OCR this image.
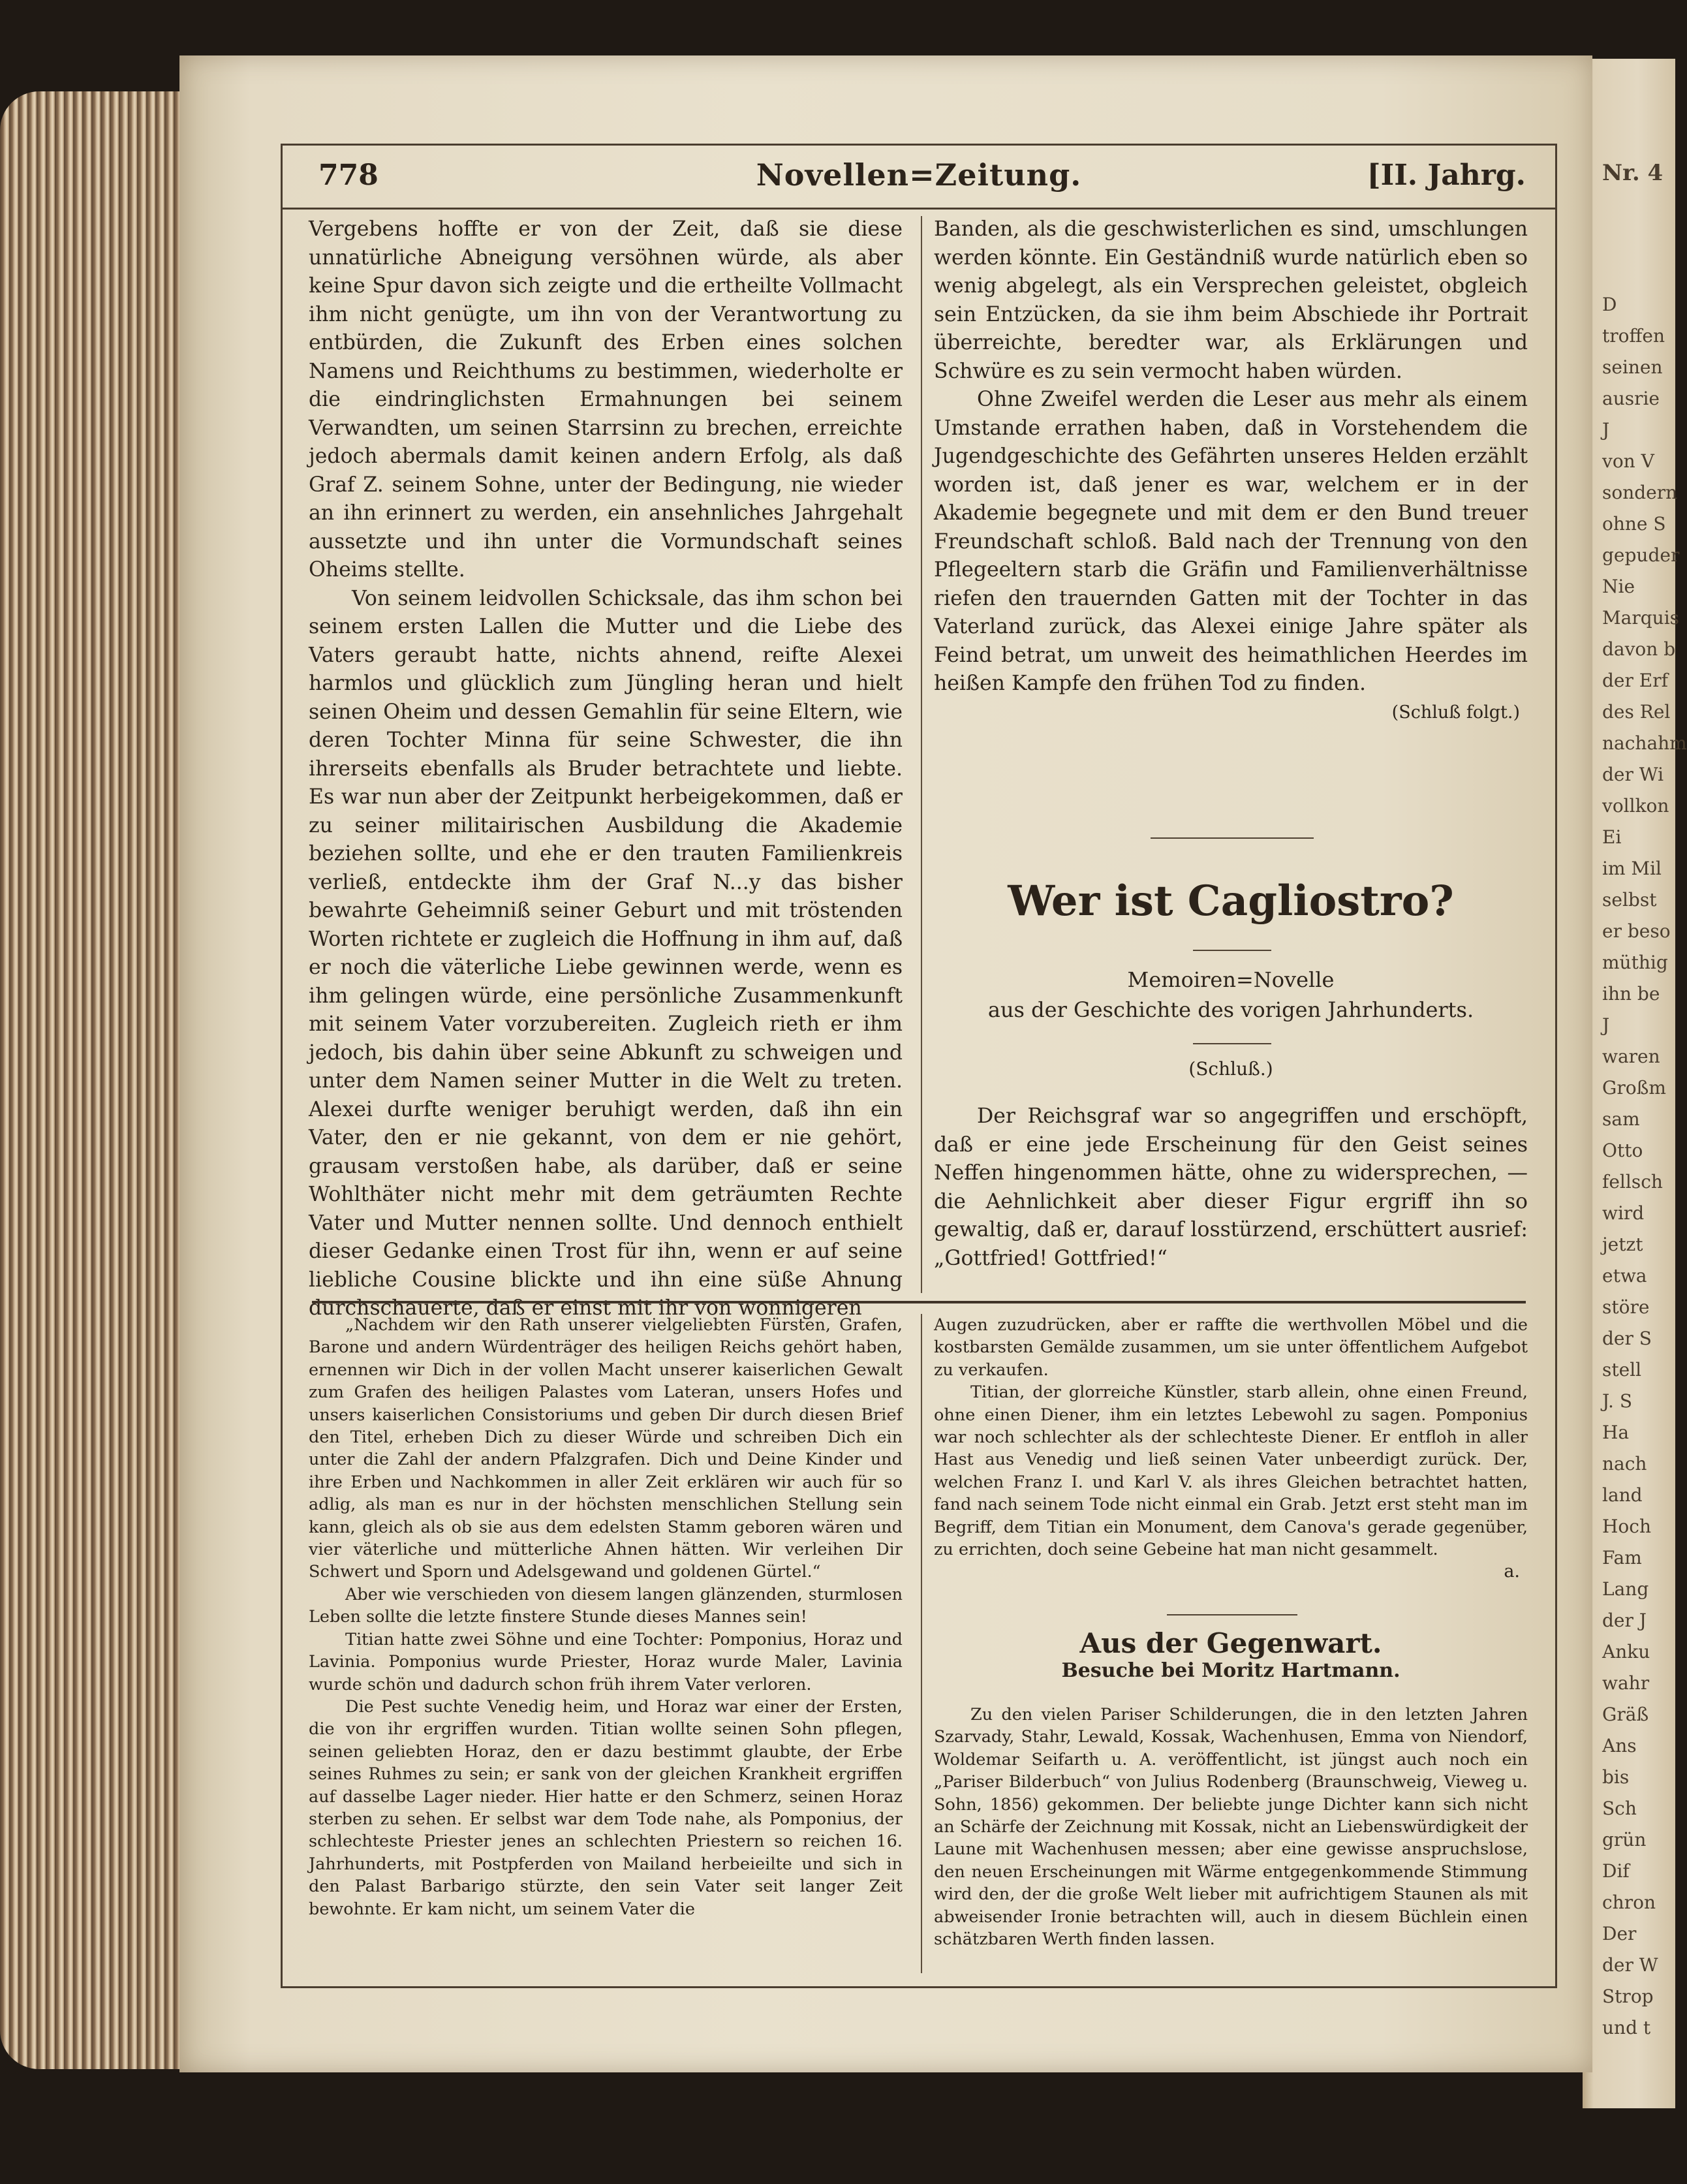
Nr. 4
D
troffen
seinen
ausrie
J
von V
sondern
ohne S
gepuder
Nie
Marquis
davon b
der Erf
des Rel
nachahm
der Wi
vollkon
Ei
im Mil
selbst
er beso
müthig
ihn be
J
waren
Großm
sam
Otto
fellsch
wird
jetzt
etwa
störe
der S
stell
J. S
Ha
nach
land
Hoch
Fam
Lang
der J
Anku
wahr
Gräß
Ans
bis
Sch
grün
Dif
chron
Der
der W
Strop
und t
778	Novellen=Zeitung.	[II. Jahrg.

Vergebens hoffte er von der Zeit, daß sie diese unnatürliche Abneigung versöhnen würde, als aber keine Spur davon sich zeigte und die ertheilte Vollmacht ihm nicht genügte, um ihn von der Verantwortung zu entbürden, die Zukunft des Erben eines solchen Namens und Reichthums zu bestimmen, wiederholte er die eindringlichsten Ermahnungen bei seinem Verwandten, um seinen Starrsinn zu brechen, erreichte jedoch abermals damit keinen andern Erfolg, als daß Graf Z. seinem Sohne, unter der Bedingung, nie wieder an ihn erinnert zu werden, ein ansehnliches Jahrgehalt aussetzte und ihn unter die Vormundschaft seines Oheims stellte.

Von seinem leidvollen Schicksale, das ihm schon bei seinem ersten Lallen die Mutter und die Liebe des Vaters geraubt hatte, nichts ahnend, reifte Alexei harmlos und glücklich zum Jüngling heran und hielt seinen Oheim und dessen Gemahlin für seine Eltern, wie deren Tochter Minna für seine Schwester, die ihn ihrerseits ebenfalls als Bruder betrachtete und liebte. Es war nun aber der Zeitpunkt herbeigekommen, daß er zu seiner militairischen Ausbildung die Akademie beziehen sollte, und ehe er den trauten Familienkreis verließ, entdeckte ihm der Graf N...y das bisher bewahrte Geheimniß seiner Geburt und mit tröstenden Worten richtete er zugleich die Hoffnung in ihm auf, daß er noch die väterliche Liebe gewinnen werde, wenn es ihm gelingen würde, eine persönliche Zusammenkunft mit seinem Vater vorzubereiten. Zugleich rieth er ihm jedoch, bis dahin über seine Abkunft zu schweigen und unter dem Namen seiner Mutter in die Welt zu treten. Alexei durfte weniger beruhigt werden, daß ihn ein Vater, den er nie gekannt, von dem er nie gehört, grausam verstoßen habe, als darüber, daß er seine Wohlthäter nicht mehr mit dem geträumten Rechte Vater und Mutter nennen sollte. Und dennoch enthielt dieser Gedanke einen Trost für ihn, wenn er auf seine liebliche Cousine blickte und ihn eine süße Ahnung durchschauerte, daß er einst mit ihr von wonnigeren

Banden, als die geschwisterlichen es sind, umschlungen werden könnte. Ein Geständniß wurde natürlich eben so wenig abgelegt, als ein Versprechen geleistet, obgleich sein Entzücken, da sie ihm beim Abschiede ihr Portrait überreichte, beredter war, als Erklärungen und Schwüre es zu sein vermocht haben würden.

Ohne Zweifel werden die Leser aus mehr als einem Umstande errathen haben, daß in Vorstehendem die Jugendgeschichte des Gefährten unseres Helden erzählt worden ist, daß jener es war, welchem er in der Akademie begegnete und mit dem er den Bund treuer Freundschaft schloß. Bald nach der Trennung von den Pflegeeltern starb die Gräfin und Familienverhältnisse riefen den trauernden Gatten mit der Tochter in das Vaterland zurück, das Alexei einige Jahre später als Feind betrat, um unweit des heimathlichen Heerdes im heißen Kampfe den frühen Tod zu finden.

(Schluß folgt.)
Wer ist Cagliostro?
Memoiren=Novelle
aus der Geschichte des vorigen Jahrhunderts.
(Schluß.)

Der Reichsgraf war so angegriffen und erschöpft, daß er eine jede Erscheinung für den Geist seines Neffen hingenommen hätte, ohne zu widersprechen, — die Aehnlichkeit aber dieser Figur ergriff ihn so gewaltig, daß er, darauf losstürzend, erschüttert ausrief: „Gottfried! Gottfried!“

„Nachdem wir den Rath unserer vielgeliebten Fürsten, Grafen, Barone und andern Würdenträger des heiligen Reichs gehört haben, ernennen wir Dich in der vollen Macht unserer kaiserlichen Gewalt zum Grafen des heiligen Palastes vom Lateran, unsers Hofes und unsers kaiserlichen Consistoriums und geben Dir durch diesen Brief den Titel, erheben Dich zu dieser Würde und schreiben Dich ein unter die Zahl der andern Pfalzgrafen. Dich und Deine Kinder und ihre Erben und Nachkommen in aller Zeit erklären wir auch für so adlig, als man es nur in der höchsten menschlichen Stellung sein kann, gleich als ob sie aus dem edelsten Stamm geboren wären und vier väterliche und mütterliche Ahnen hätten. Wir verleihen Dir Schwert und Sporn und Adelsgewand und goldenen Gürtel.“

Aber wie verschieden von diesem langen glänzenden, sturmlosen Leben sollte die letzte finstere Stunde dieses Mannes sein!

Titian hatte zwei Söhne und eine Tochter: Pomponius, Horaz und Lavinia. Pomponius wurde Priester, Horaz wurde Maler, Lavinia wurde schön und dadurch schon früh ihrem Vater verloren.

Die Pest suchte Venedig heim, und Horaz war einer der Ersten, die von ihr ergriffen wurden. Titian wollte seinen Sohn pflegen, seinen geliebten Horaz, den er dazu bestimmt glaubte, der Erbe seines Ruhmes zu sein; er sank von der gleichen Krankheit ergriffen auf dasselbe Lager nieder. Hier hatte er den Schmerz, seinen Horaz sterben zu sehen. Er selbst war dem Tode nahe, als Pomponius, der schlechteste Priester jenes an schlechten Priestern so reichen 16. Jahrhunderts, mit Postpferden von Mailand herbeieilte und sich in den Palast Barbarigo stürzte, den sein Vater seit langer Zeit bewohnte. Er kam nicht, um seinem Vater die

Augen zuzudrücken, aber er raffte die werthvollen Möbel und die kostbarsten Gemälde zusammen, um sie unter öffentlichem Aufgebot zu verkaufen.

Titian, der glorreiche Künstler, starb allein, ohne einen Freund, ohne einen Diener, ihm ein letztes Lebewohl zu sagen. Pomponius war noch schlechter als der schlechteste Diener. Er entfloh in aller Hast aus Venedig und ließ seinen Vater unbeerdigt zurück. Der, welchen Franz I. und Karl V. als ihres Gleichen betrachtet hatten, fand nach seinem Tode nicht einmal ein Grab. Jetzt erst steht man im Begriff, dem Titian ein Monument, dem Canova's gerade gegenüber, zu errichten, doch seine Gebeine hat man nicht gesammelt.

a.
Aus der Gegenwart.
Besuche bei Moritz Hartmann.

Zu den vielen Pariser Schilderungen, die in den letzten Jahren Szarvady, Stahr, Lewald, Kossak, Wachenhusen, Emma von Niendorf, Woldemar Seifarth u. A. veröffentlicht, ist jüngst auch noch ein „Pariser Bilderbuch“ von Julius Rodenberg (Braunschweig, Vieweg u. Sohn, 1856) gekommen. Der beliebte junge Dichter kann sich nicht an Schärfe der Zeichnung mit Kossak, nicht an Liebenswürdigkeit der Laune mit Wachenhusen messen; aber eine gewisse anspruchslose, den neuen Erscheinungen mit Wärme entgegenkommende Stimmung wird den, der die große Welt lieber mit aufrichtigem Staunen als mit abweisender Ironie betrachten will, auch in diesem Büchlein einen schätzbaren Werth finden lassen.
